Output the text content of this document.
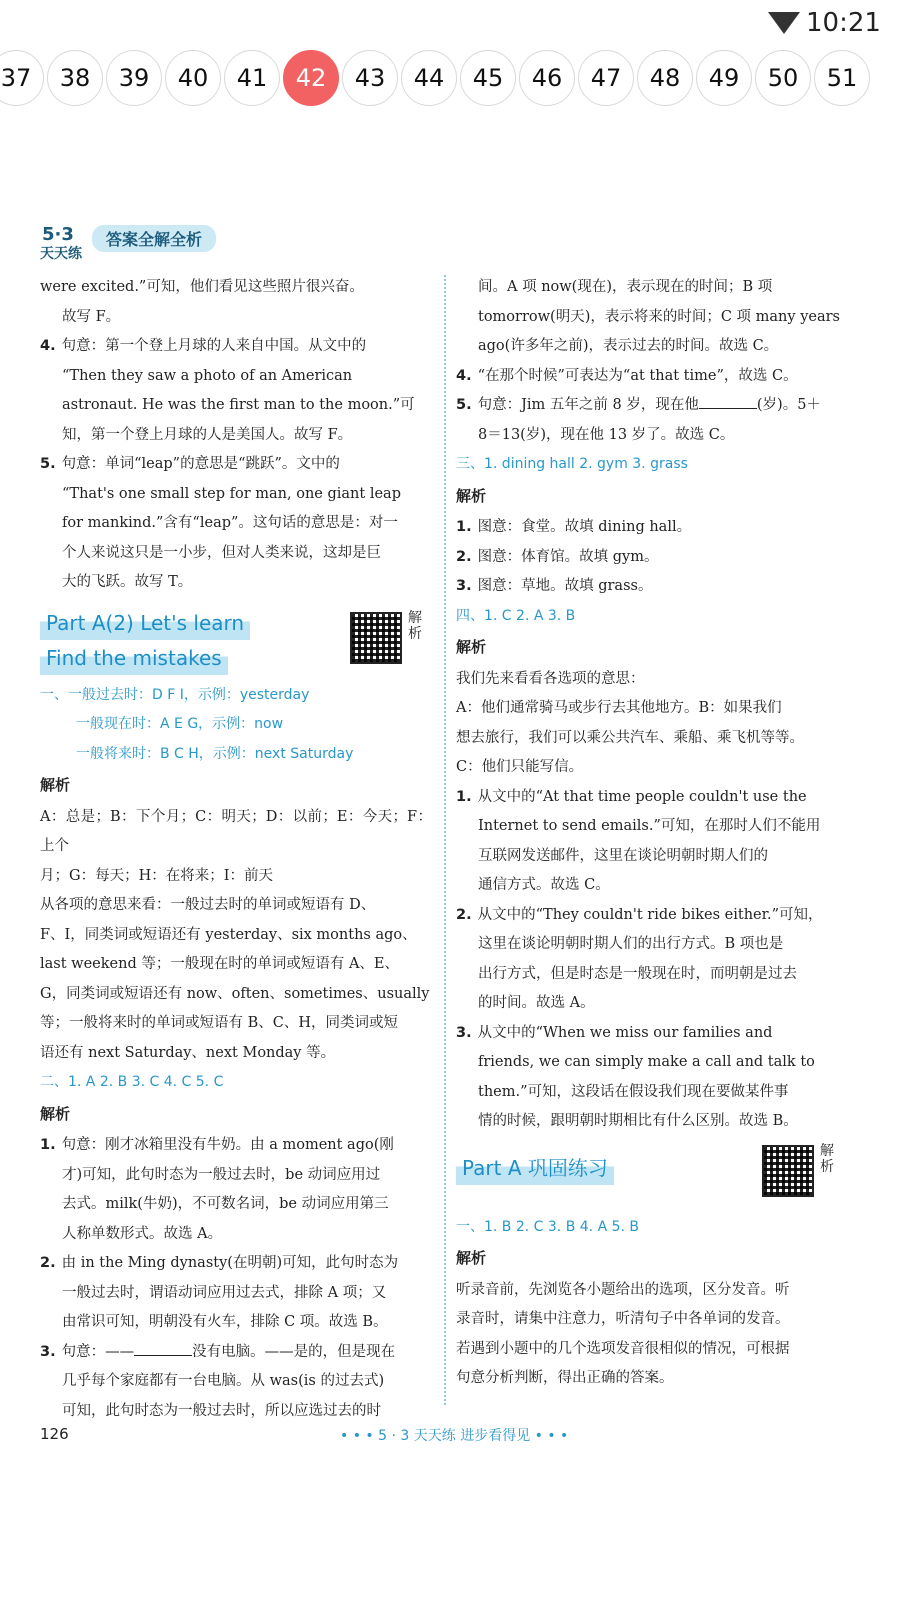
10:21
37	38	39	40	41	42	43	44	45	46	47	48	49	50	51
5·3
天天练
答案全解全析

were excited.”可知，他们看见这些照片很兴奋。

故写 F。

4. 句意：第一个登上月球的人来自中国。从文中的

“Then they saw a photo of an American

astronaut. He was the first man to the moon.”可

知，第一个登上月球的人是美国人。故写 F。

5. 句意：单词“leap”的意思是“跳跃”。文中的

“That's one small step for man, one giant leap

for mankind.”含有“leap”。这句话的意思是：对一

个人来说这只是一小步，但对人类来说，这却是巨

大的飞跃。故写 T。

Part A(2) Let's learn
Find the mistakes
解析

一、一般过去时：D F I，示例：yesterday

一般现在时：A E G，示例：now

一般将来时：B C H，示例：next Saturday

解析

A：总是；B：下个月；C：明天；D：以前；E：今天；F：上个

月；G：每天；H：在将来；I：前天

从各项的意思来看：一般过去时的单词或短语有 D、

F、I，同类词或短语还有 yesterday、six months ago、

last weekend 等；一般现在时的单词或短语有 A、E、

G，同类词或短语还有 now、often、sometimes、usually

等；一般将来时的单词或短语有 B、C、H，同类词或短

语还有 next Saturday、next Monday 等。

二、1. A 2. B 3. C 4. C 5. C

解析

1. 句意：刚才冰箱里没有牛奶。由 a moment ago(刚

才)可知，此句时态为一般过去时，be 动词应用过

去式。milk(牛奶)，不可数名词，be 动词应用第三

人称单数形式。故选 A。

2. 由 in the Ming dynasty(在明朝)可知，此句时态为

一般过去时，谓语动词应用过去式，排除 A 项；又

由常识可知，明朝没有火车，排除 C 项。故选 B。

3. 句意：——	没有电脑。——是的，但是现在

几乎每个家庭都有一台电脑。从 was(is 的过去式)

可知，此句时态为一般过去时，所以应选过去的时

间。A 项 now(现在)，表示现在的时间；B 项

tomorrow(明天)，表示将来的时间；C 项 many years

ago(许多年之前)，表示过去的时间。故选 C。

4. “在那个时候”可表达为“at that time”，故选 C。

5. 句意：Jim 五年之前 8 岁，现在他	(岁)。5＋

8＝13(岁)，现在他 13 岁了。故选 C。

三、1. dining hall 2. gym 3. grass

解析

1. 图意：食堂。故填 dining hall。

2. 图意：体育馆。故填 gym。

3. 图意：草地。故填 grass。

四、1. C 2. A 3. B

解析

我们先来看看各选项的意思：

A：他们通常骑马或步行去其他地方。B：如果我们

想去旅行，我们可以乘公共汽车、乘船、乘飞机等等。

C：他们只能写信。

1. 从文中的“At that time people couldn't use the

Internet to send emails.”可知，在那时人们不能用

互联网发送邮件，这里在谈论明朝时期人们的

通信方式。故选 C。

2. 从文中的“They couldn't ride bikes either.”可知，

这里在谈论明朝时期人们的出行方式。B 项也是

出行方式，但是时态是一般现在时，而明朝是过去

的时间。故选 A。

3. 从文中的“When we miss our families and

friends, we can simply make a call and talk to

them.”可知，这段话在假设我们现在要做某件事

情的时候，跟明朝时期相比有什么区别。故选 B。

Part A 巩固练习
解析

一、1. B 2. C 3. B 4. A 5. B

解析

听录音前，先浏览各小题给出的选项，区分发音。听

录音时，请集中注意力，听清句子中各单词的发音。

若遇到小题中的几个选项发音很相似的情况，可根据

句意分析判断，得出正确的答案。

126	• • • 5 · 3 天天练 进步看得见 • • •
